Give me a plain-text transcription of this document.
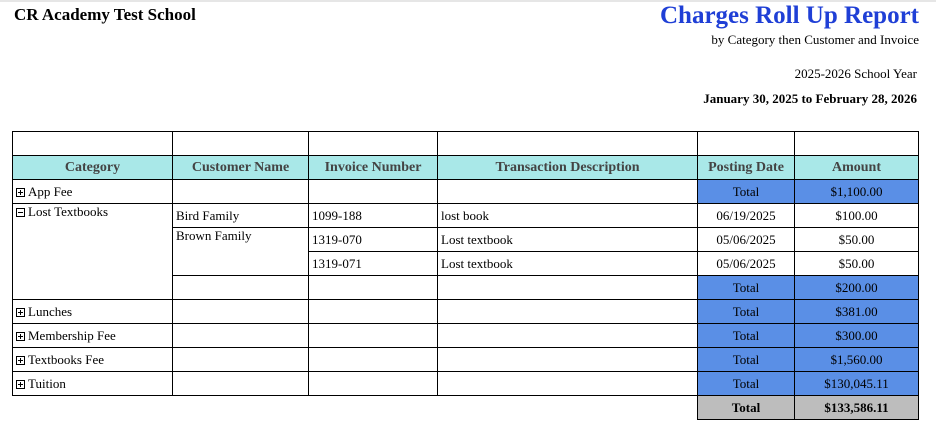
CR Academy Test School	Charges Roll Up Report
by Category then Customer and Invoice
2025-2026 School Year
January 30, 2025 to February 28, 2026

Category	Customer Name	Invoice Number	Transaction Description	Posting Date	Amount
App Fee				Total	$1,100.00
Lost Textbooks	Bird Family	1099-188	lost book	06/19/2025	$100.00
	Brown Family	1319-070	Lost textbook	05/06/2025	$50.00
		1319-071	Lost textbook	05/06/2025	$50.00
				Total	$200.00
Lunches				Total	$381.00
Membership Fee				Total	$300.00
Textbooks Fee				Total	$1,560.00
Tuition				Total	$130,045.11
				Total	$133,586.11
